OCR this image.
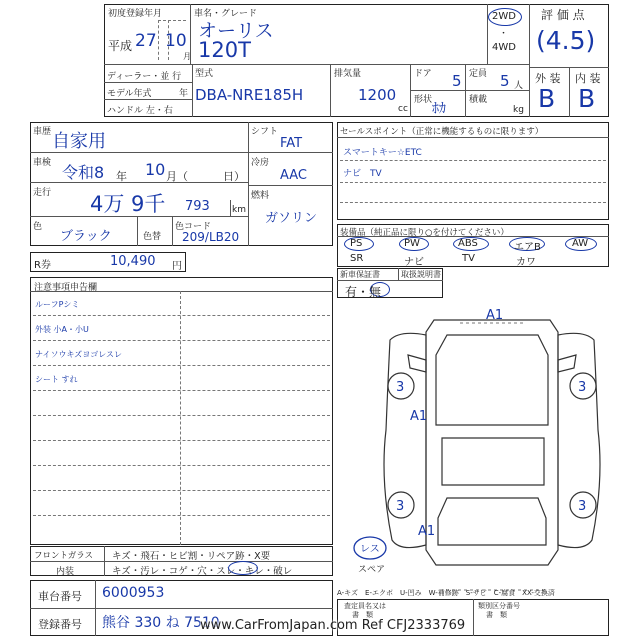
初度登録年月
平成 27 10
月
車名・グレード
オーリス
120T
2WD
・
4WD
評 価 点
(4.5)
ディーラー・並 行
モデル年式	年
ハンドル 左・右
型式
DBA-NRE185H
排気量
1200
cc
ドア 5 定員 5 人
形状
ﾎｶ
積載
kg
外 装 内 装
B B
車歴 自家用
車検 令和8 年 10 月（	日）
走行 4万 9千 793 km
色
ブラック	色替
色コード
209/LB20
シフト
FAT
冷房
AAC
燃料
ガソリン
セールスポイント（正常に機能するものに限ります）
スマートキー☆ETC
ナビ　TV
装備品（純正品に限り○を付けてください）
PS	PW	ABS	エアB	AW
SR	ナビ	TV	カワ
新車保証書	取扱説明書
有・無
R券	10,490 円
注意事項申告欄
ルーフPシミ
外装 小A・小U
ナイソウキズヨゴレスレ
シート すれ
A1
3	3
A1
A1
3	3
レス
スペア
フロントガラス キズ・飛石・ヒビ割・リペア跡・X要
内装	キズ・汚レ・コゲ・穴・スレ・キレ・破レ
車台番号 6000953
登録番号 熊谷 330 ね 7510
A-キズ　E-エクボ　U-凹み　W-補修跡　S-サビ　C-腐食　XX-交換済
査定員名又は
書　類
類別区分番号
書　類
www.CarFromJapan.com Ref CFJ2333769
